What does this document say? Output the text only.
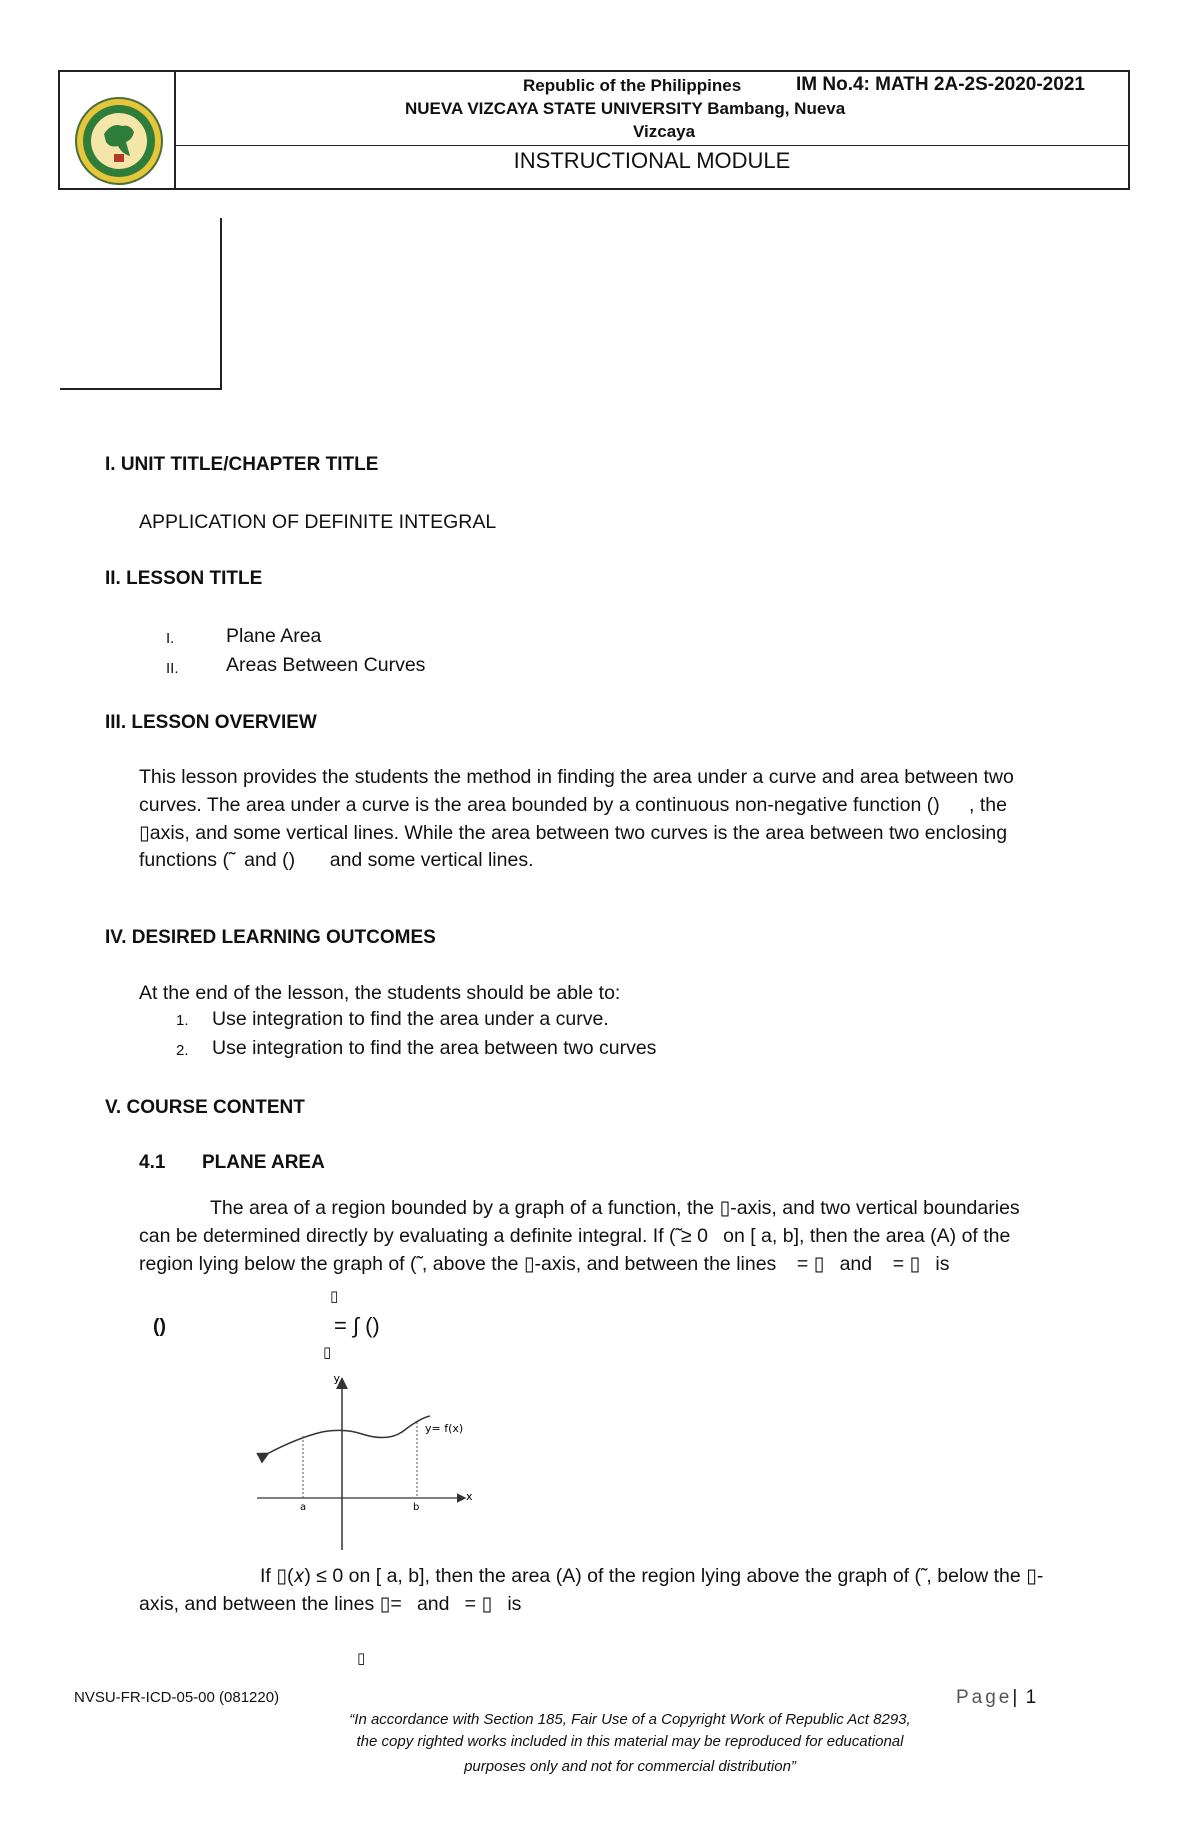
Republic of the Philippines	IM No.4: MATH 2A-2S-2020-2021
NUEVA VIZCAYA STATE UNIVERSITY Bambang, Nueva
Vizcaya
INSTRUCTIONAL MODULE
I. UNIT TITLE/CHAPTER TITLE
APPLICATION OF DEFINITE INTEGRAL
II. LESSON TITLE
I.	Plane Area
II. Areas Between Curves
III. LESSON OVERVIEW
This lesson provides the students the method in finding the area under a curve and area between two
curves. The area under a curve is the area bounded by a continuous non-negative function ()   , the
▯axis, and some vertical lines. While the area between two curves is the area between two enclosing
functions (̃  and ()    and some vertical lines.
IV. DESIRED LEARNING OUTCOMES
At the end of the lesson, the students should be able to:
1. Use integration to find the area under a curve.
2. Use integration to find the area between two curves
V. COURSE CONTENT
4.1 PLANE AREA
The area of a region bounded by a graph of a function, the ▯-axis, and two vertical boundaries
can be determined directly by evaluating a definite integral. If (̃ ≥ 0  on [ a, b], then the area (A) of the
region lying below the graph of (̃ , above the ▯-axis, and between the lines   = ▯  and   = ▯  is
▯
()	= ∫ ()
▯
y
x
y= f(x)
a	b
If ▯(𝑥) ≤ 0 on [ a, b], then the area (A) of the region lying above the graph of (̃ , below the ▯-
axis, and between the lines ▯=  and  = ▯  is
▯
NVSU-FR-ICD-05-00 (081220)	Page| 1
“In accordance with Section 185, Fair Use of a Copyright Work of Republic Act 8293,
the copy righted works included in this material may be reproduced for educational
purposes only and not for commercial distribution”
